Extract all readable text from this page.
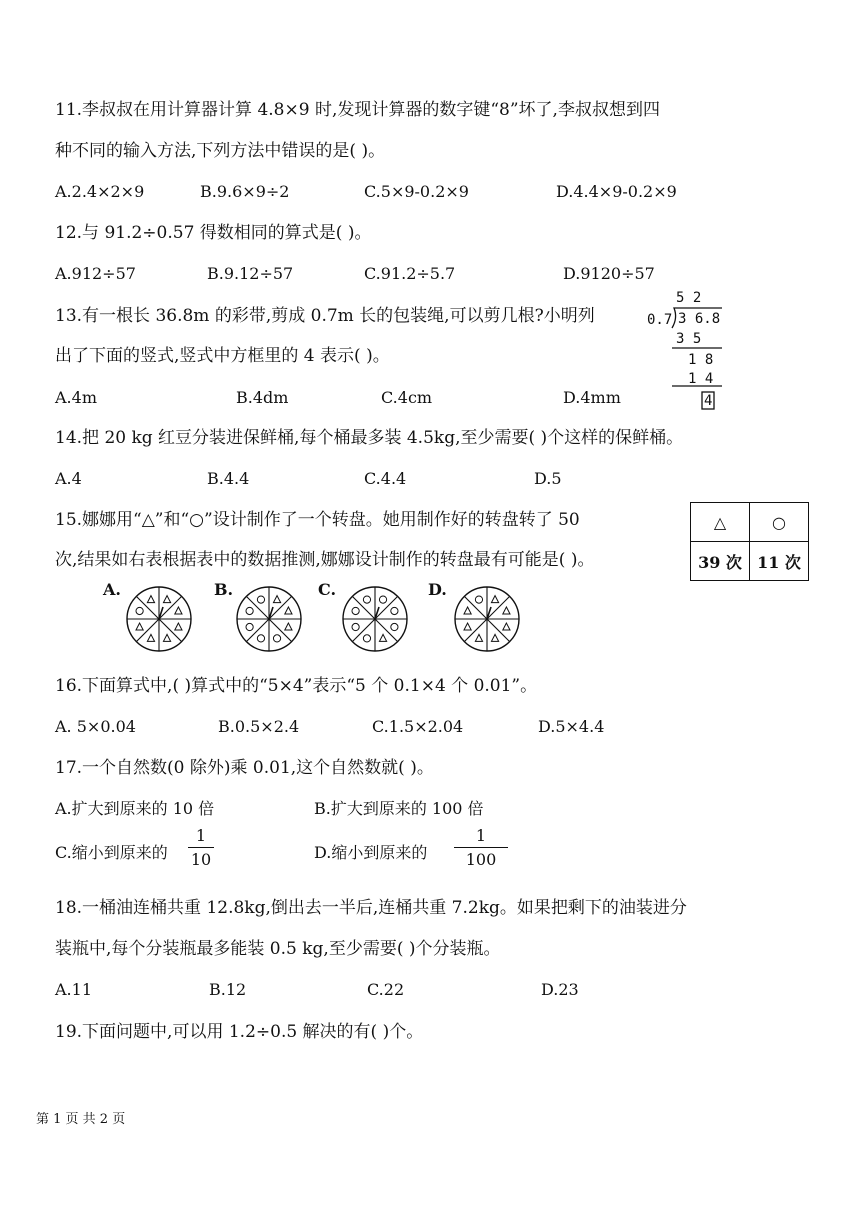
11.李叔叔在用计算器计算 4.8×9 时,发现计算器的数字键“8”坏了,李叔叔想到四
种不同的输入方法,下列方法中错误的是( )。
A.2.4×2×9	B.9.6×9÷2	C.5×9-0.2×9	D.4.4×9-0.2×9
12.与 91.2÷0.57 得数相同的算式是( )。
A.912÷57	B.9.12÷57	C.91.2÷5.7	D.9120÷57
13.有一根长 36.8m 的彩带,剪成 0.7m 长的包装绳,可以剪几根?小明列
出了下面的竖式,竖式中方框里的 4 表示( )。
A.4m	B.4dm	C.4cm	D.4mm
5 2
0.7 3 6.8
3 5
1 8
1 4
4
14.把 20 kg 红豆分装进保鲜桶,每个桶最多装 4.5kg,至少需要( )个这样的保鲜桶。
A.4	B.4.4	C.4.4	D.5
15.娜娜用“△”和“○”设计制作了一个转盘。她用制作好的转盘转了 50
次,结果如右表根据表中的数据推测,娜娜设计制作的转盘最有可能是( )。
△	○
39 次	11 次
A.	B.	C.	D.
16.下面算式中,( )算式中的“5×4”表示“5 个 0.1×4 个 0.01”。
A. 5×0.04	B.0.5×2.4	C.1.5×2.04	D.5×4.4
17.一个自然数(0 除外)乘 0.01,这个自然数就( )。
A.扩大到原来的 10 倍	B.扩大到原来的 100 倍
C.缩小到原来的
1
10	D.缩小到原来的
1
100
18.一桶油连桶共重 12.8kg,倒出去一半后,连桶共重 7.2kg。如果把剩下的油装进分
装瓶中,每个分装瓶最多能装 0.5 kg,至少需要( )个分装瓶。
A.11	B.12	C.22	D.23
19.下面问题中,可以用 1.2÷0.5 解决的有( )个。
第 1 页 共 2 页
